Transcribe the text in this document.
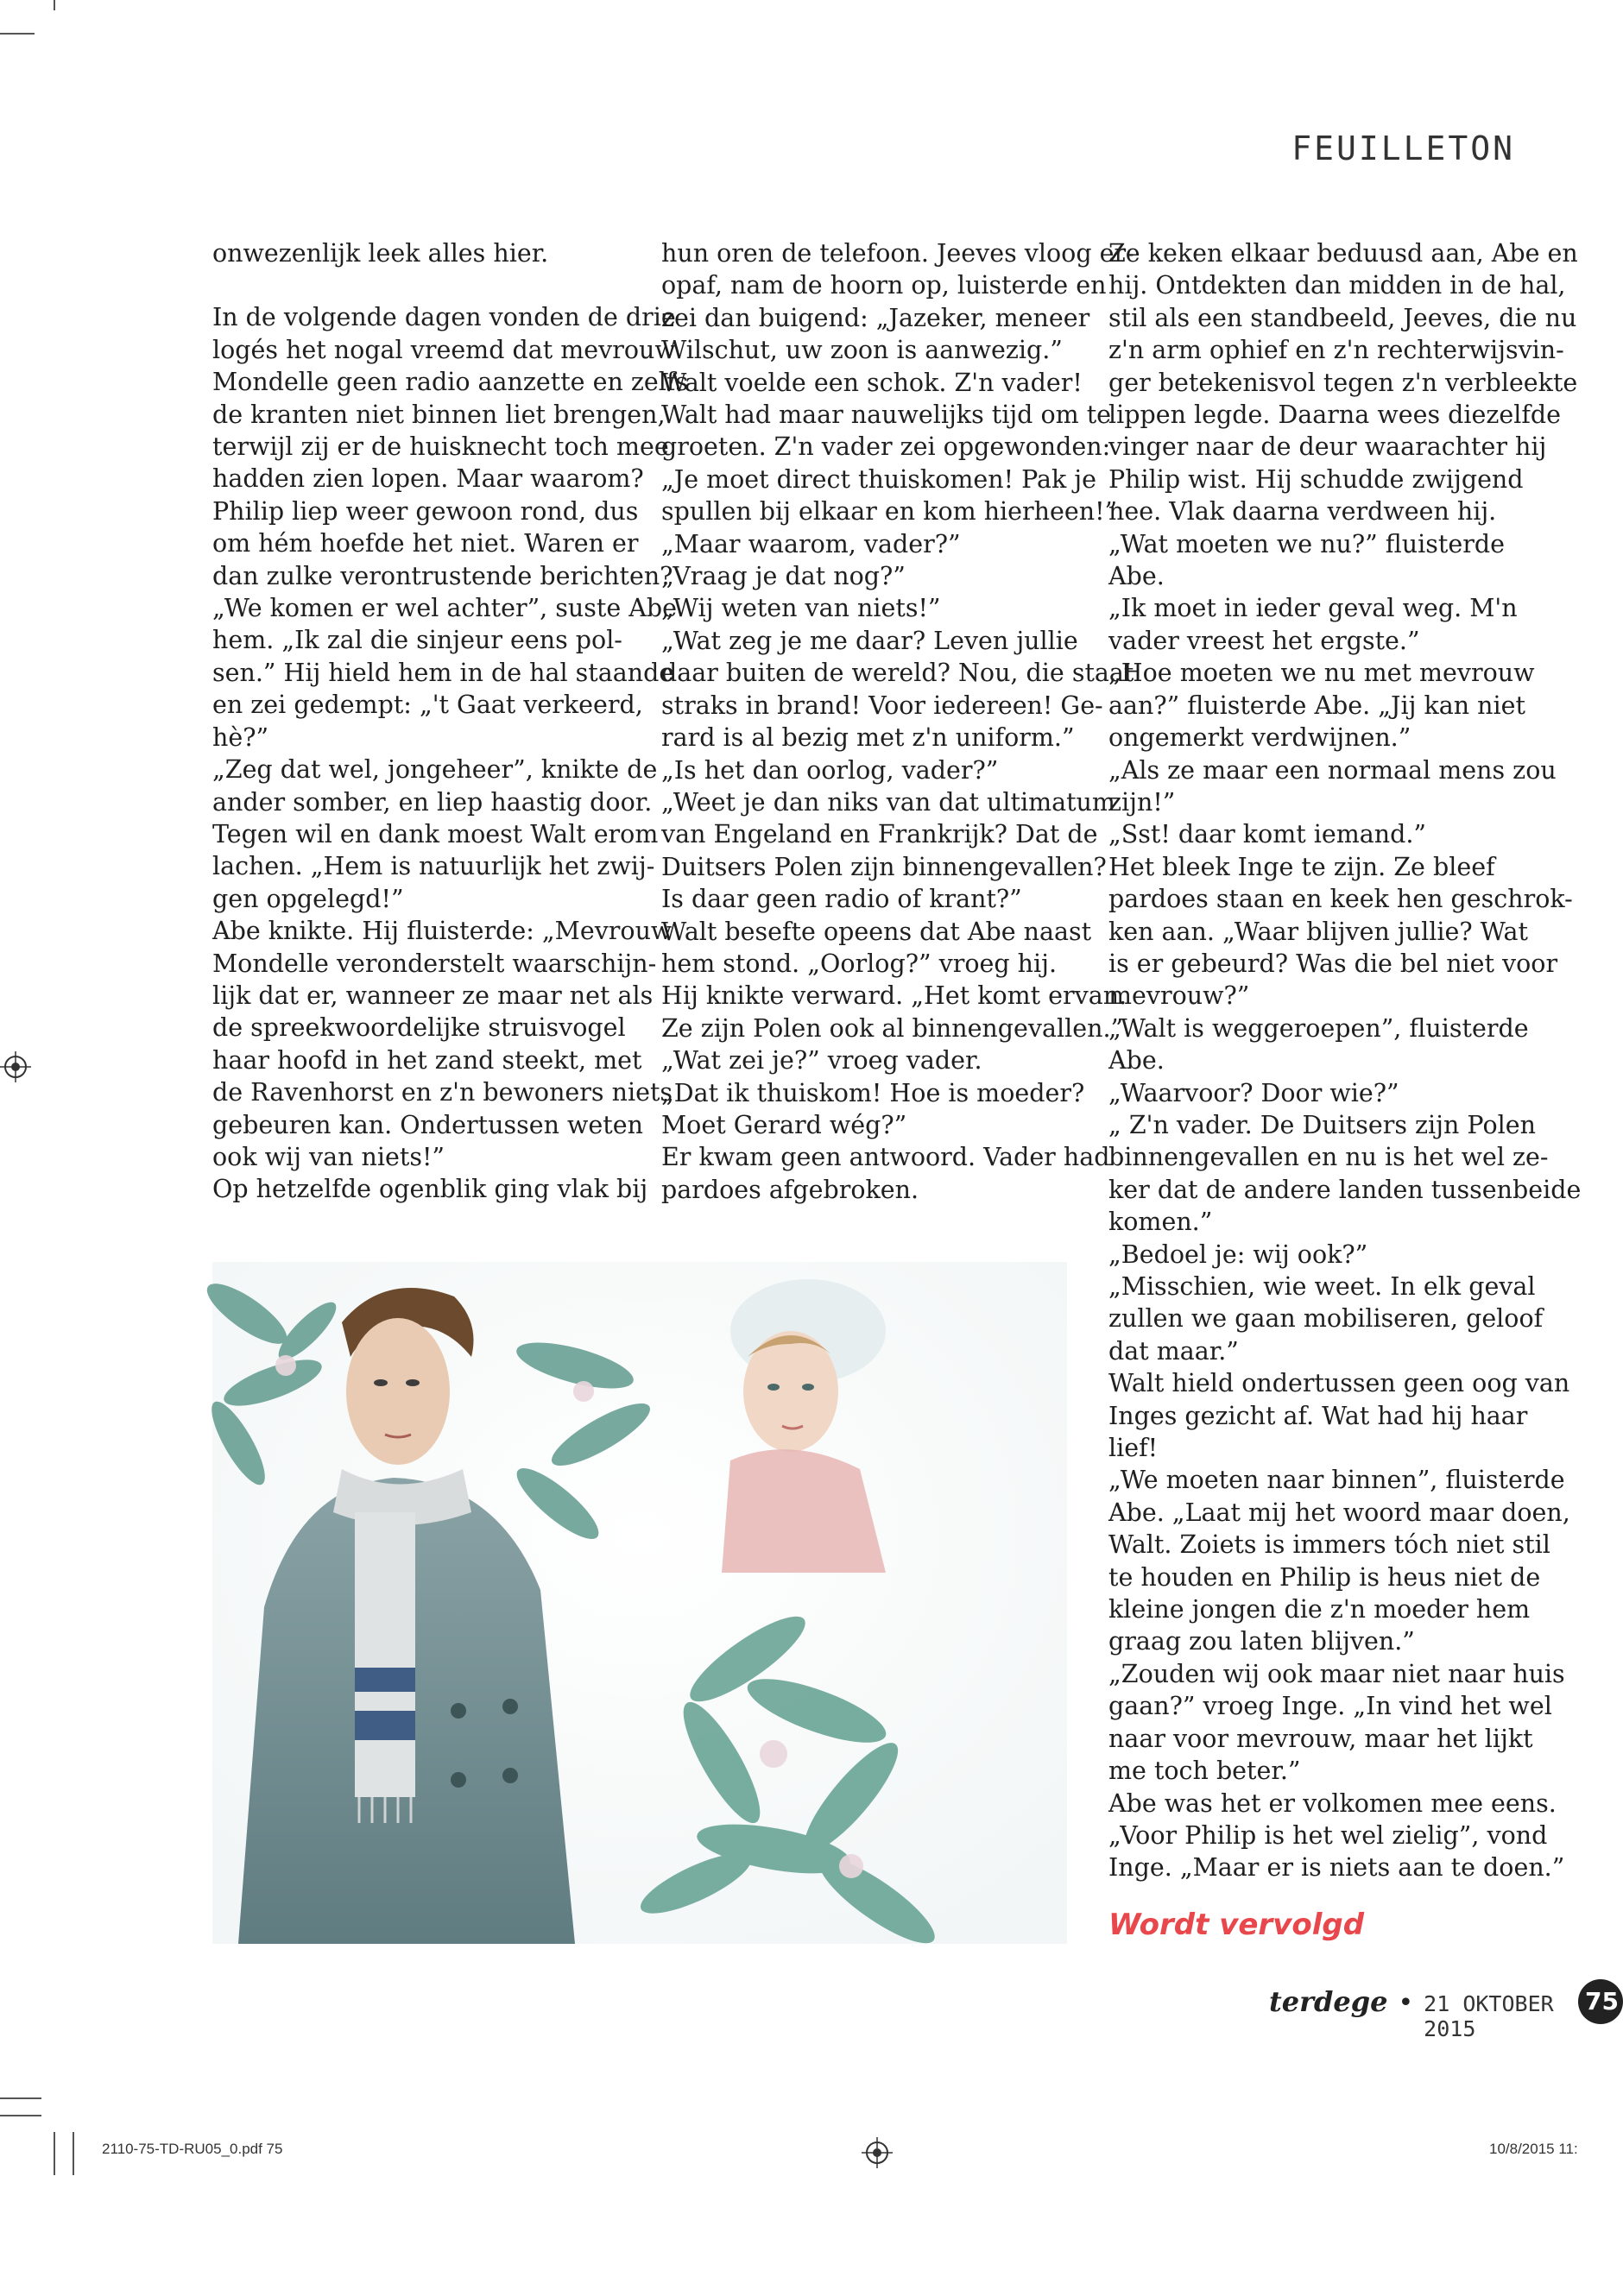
FEUILLETON

onwezenlijk leek alles hier.

In de volgende dagen vonden de drie

logés het nogal vreemd dat mevrouw

Mondelle geen radio aanzette en zelfs

de kranten niet binnen liet brengen,

terwijl zij er de huisknecht toch mee

hadden zien lopen. Maar waarom?

Philip liep weer gewoon rond, dus

om hém hoefde het niet. Waren er

dan zulke verontrustende berichten?

„We komen er wel achter”, suste Abe

hem. „Ik zal die sinjeur eens pol-

sen.” Hij hield hem in de hal staande

en zei gedempt: „'t Gaat verkeerd,

hè?”

„Zeg dat wel, jongeheer”, knikte de

ander somber, en liep haastig door.

Tegen wil en dank moest Walt erom

lachen. „Hem is natuurlijk het zwij-

gen opgelegd!”

Abe knikte. Hij fluisterde: „Mevrouw

Mondelle veronderstelt waarschijn-

lijk dat er, wanneer ze maar net als

de spreekwoordelijke struisvogel

haar hoofd in het zand steekt, met

de Ravenhorst en z'n bewoners niets

gebeuren kan. Ondertussen weten

ook wij van niets!”

Op hetzelfde ogenblik ging vlak bij

hun oren de telefoon. Jeeves vloog er-

opaf, nam de hoorn op, luisterde en

zei dan buigend: „Jazeker, meneer

Wilschut, uw zoon is aanwezig.”

Walt voelde een schok. Z'n vader!

Walt had maar nauwelijks tijd om te

groeten. Z'n vader zei opgewonden:

„Je moet direct thuiskomen! Pak je

spullen bij elkaar en kom hierheen!”

„Maar waarom, vader?”

„Vraag je dat nog?”

„Wij weten van niets!”

„Wat zeg je me daar? Leven jullie

daar buiten de wereld? Nou, die staat

straks in brand! Voor iedereen! Ge-

rard is al bezig met z'n uniform.”

„Is het dan oorlog, vader?”

„Weet je dan niks van dat ultimatum

van Engeland en Frankrijk? Dat de

Duitsers Polen zijn binnengevallen?

Is daar geen radio of krant?”

Walt besefte opeens dat Abe naast

hem stond. „Oorlog?” vroeg hij.

Hij knikte verward. „Het komt ervan.

Ze zijn Polen ook al binnengevallen.”

„Wat zei je?” vroeg vader.

„Dat ik thuiskom! Hoe is moeder?

Moet Gerard wég?”

Er kwam geen antwoord. Vader had

pardoes afgebroken.

Ze keken elkaar beduusd aan, Abe en

hij. Ontdekten dan midden in de hal,

stil als een standbeeld, Jeeves, die nu

z'n arm ophief en z'n rechterwijsvin-

ger betekenisvol tegen z'n verbleekte

lippen legde. Daarna wees diezelfde

vinger naar de deur waarachter hij

Philip wist. Hij schudde zwijgend

nee. Vlak daarna verdween hij.

„Wat moeten we nu?” fluisterde

Abe.

„Ik moet in ieder geval weg. M'n

vader vreest het ergste.”

„Hoe moeten we nu met mevrouw

aan?” fluisterde Abe. „Jij kan niet

ongemerkt verdwijnen.”

„Als ze maar een normaal mens zou

zijn!”

„Sst! daar komt iemand.”

Het bleek Inge te zijn. Ze bleef

pardoes staan en keek hen geschrok-

ken aan. „Waar blijven jullie? Wat

is er gebeurd? Was die bel niet voor

mevrouw?”

„Walt is weggeroepen”, fluisterde

Abe.

„Waarvoor? Door wie?”

„ Z'n vader. De Duitsers zijn Polen

binnengevallen en nu is het wel ze-

ker dat de andere landen tussenbeide

komen.”

„Bedoel je: wij ook?”

„Misschien, wie weet. In elk geval

zullen we gaan mobiliseren, geloof

dat maar.”

Walt hield ondertussen geen oog van

Inges gezicht af. Wat had hij haar

lief!

„We moeten naar binnen”, fluisterde

Abe. „Laat mij het woord maar doen,

Walt. Zoiets is immers tóch niet stil

te houden en Philip is heus niet de

kleine jongen die z'n moeder hem

graag zou laten blijven.”

„Zouden wij ook maar niet naar huis

gaan?” vroeg Inge. „In vind het wel

naar voor mevrouw, maar het lijkt

me toch beter.”

Abe was het er volkomen mee eens.

„Voor Philip is het wel zielig”, vond

Inge. „Maar er is niets aan te doen.”

Wordt vervolgd
terdege • 21 OKTOBER 2015
75
2110-75-TD-RU05_0.pdf 75	10/8/2015 11:
